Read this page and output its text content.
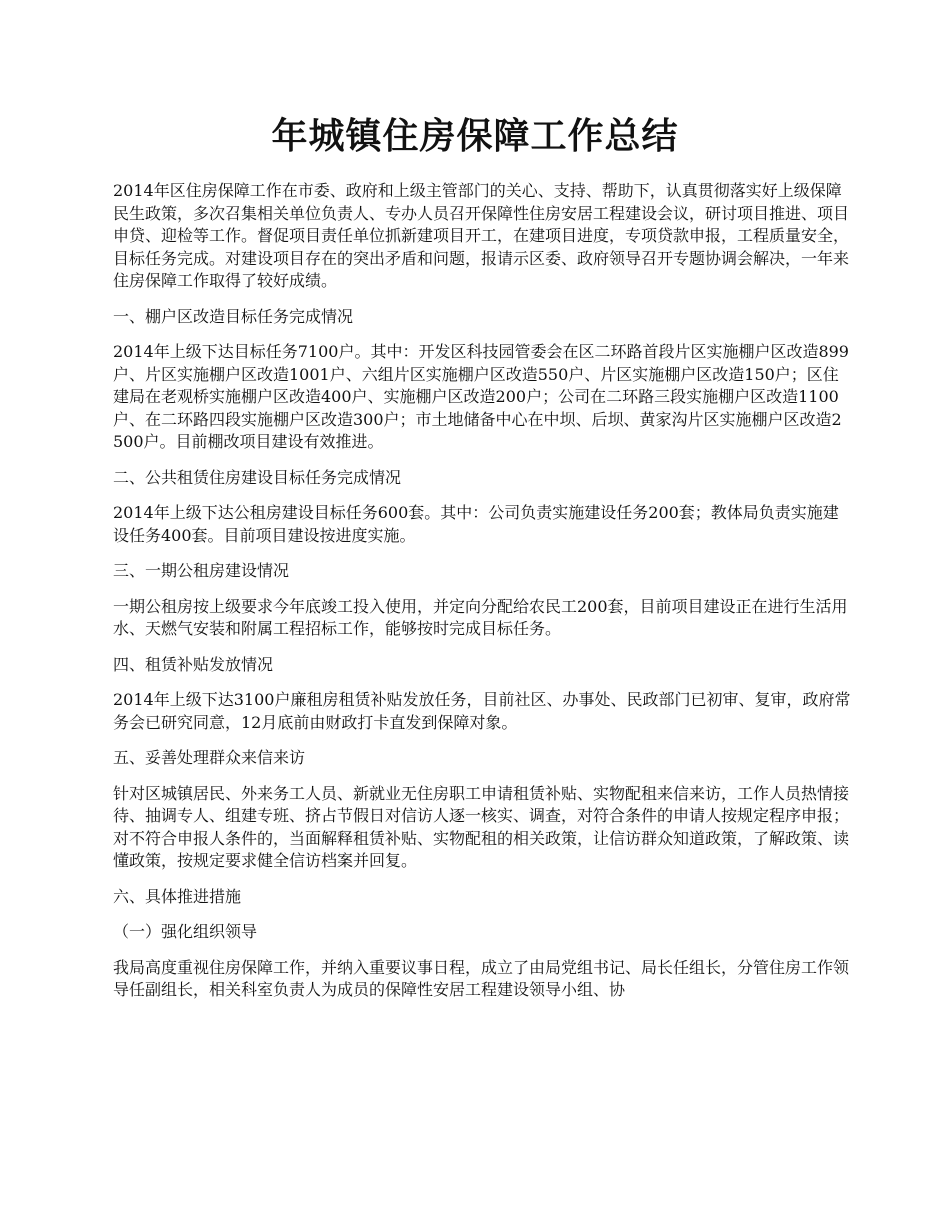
年城镇住房保障工作总结

2014年区住房保障工作在市委、政府和上级主管部门的关心、支持、帮助下，认真贯彻落实好上级保障民生政策，多次召集相关单位负责人、专办人员召开保障性住房安居工程建设会议，研讨项目推进、项目申贷、迎检等工作。督促项目责任单位抓新建项目开工，在建项目进度，专项贷款申报，工程质量安全，目标任务完成。对建设项目存在的突出矛盾和问题，报请示区委、政府领导召开专题协调会解决，一年来住房保障工作取得了较好成绩。

一、棚户区改造目标任务完成情况

2014年上级下达目标任务7100户。其中：开发区科技园管委会在区二环路首段片区实施棚户区改造899户、片区实施棚户区改造1001户、六组片区实施棚户区改造550户、片区实施棚户区改造150户；区住建局在老观桥实施棚户区改造400户、实施棚户区改造200户；公司在二环路三段实施棚户区改造1100户、在二环路四段实施棚户区改造300户；市土地储备中心在中坝、后坝、黄家沟片区实施棚户区改造2500户。目前棚改项目建设有效推进。

二、公共租赁住房建设目标任务完成情况

2014年上级下达公租房建设目标任务600套。其中：公司负责实施建设任务200套；教体局负责实施建设任务400套。目前项目建设按进度实施。

三、一期公租房建设情况

一期公租房按上级要求今年底竣工投入使用，并定向分配给农民工200套，目前项目建设正在进行生活用水、天燃气安装和附属工程招标工作，能够按时完成目标任务。

四、租赁补贴发放情况

2014年上级下达3100户廉租房租赁补贴发放任务，目前社区、办事处、民政部门已初审、复审，政府常务会已研究同意，12月底前由财政打卡直发到保障对象。

五、妥善处理群众来信来访

针对区城镇居民、外来务工人员、新就业无住房职工申请租赁补贴、实物配租来信来访，工作人员热情接待、抽调专人、组建专班、挤占节假日对信访人逐一核实、调查，对符合条件的申请人按规定程序申报；对不符合申报人条件的，当面解释租赁补贴、实物配租的相关政策，让信访群众知道政策，了解政策、读懂政策，按规定要求健全信访档案并回复。

六、具体推进措施

（一）强化组织领导

我局高度重视住房保障工作，并纳入重要议事日程，成立了由局党组书记、局长任组长，分管住房工作领导任副组长，相关科室负责人为成员的保障性安居工程建设领导小组、协
